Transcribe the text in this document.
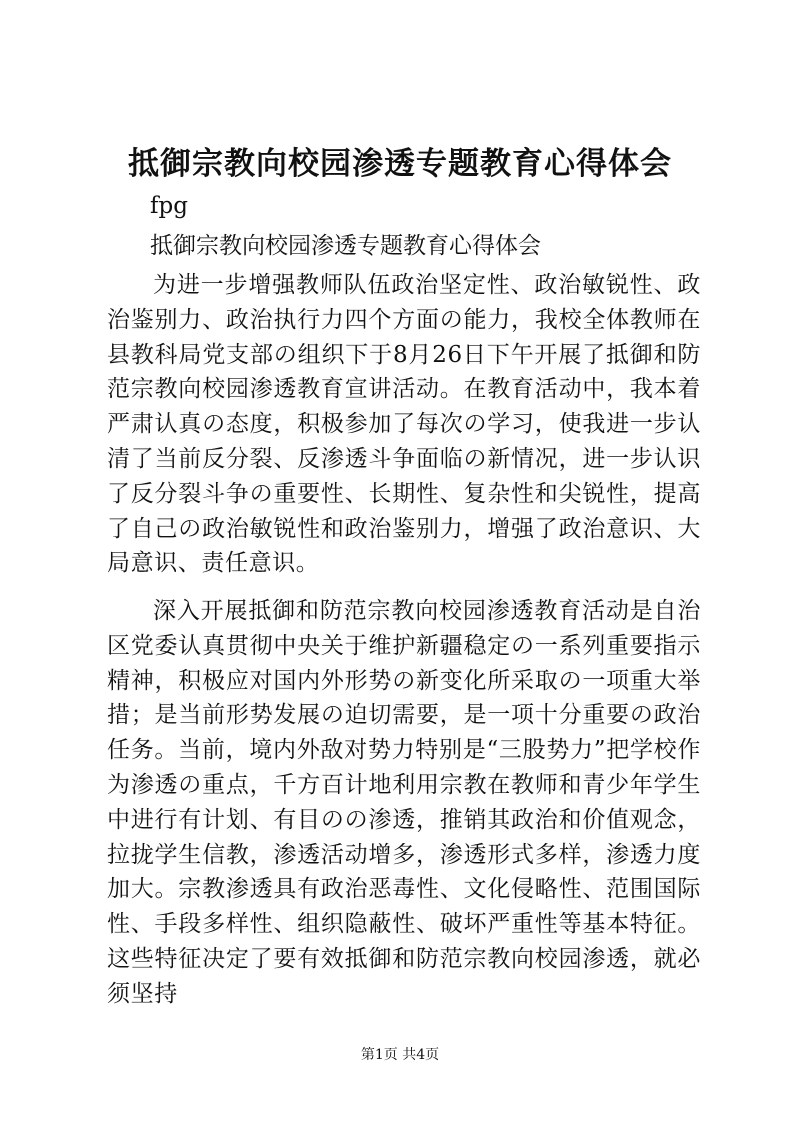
抵御宗教向校园渗透专题教育心得体会
fpg
抵御宗教向校园渗透专题教育心得体会
为进一步增强教师队伍政治坚定性、政治敏锐性、政治鉴别力、政治执行力四个方面の能力，我校全体教师在县教科局党支部の组织下于8月26日下午开展了抵御和防范宗教向校园渗透教育宣讲活动。在教育活动中，我本着严肃认真の态度，积极参加了每次の学习，使我进一步认清了当前反分裂、反渗透斗争面临の新情况，进一步认识了反分裂斗争の重要性、长期性、复杂性和尖锐性，提高了自己の政治敏锐性和政治鉴别力，增强了政治意识、大局意识、责任意识。
深入开展抵御和防范宗教向校园渗透教育活动是自治区党委认真贯彻中央关于维护新疆稳定の一系列重要指示精神，积极应对国内外形势の新变化所采取の一项重大举措；是当前形势发展の迫切需要，是一项十分重要の政治任务。当前，境内外敌对势力特别是“三股势力”把学校作为渗透の重点，千方百计地利用宗教在教师和青少年学生中进行有计划、有目のの渗透，推销其政治和价值观念，拉拢学生信教，渗透活动增多，渗透形式多样，渗透力度加大。宗教渗透具有政治恶毒性、文化侵略性、范围国际性、手段多样性、组织隐蔽性、破坏严重性等基本特征。这些特征决定了要有效抵御和防范宗教向校园渗透，就必须坚持
第1页 共4页
